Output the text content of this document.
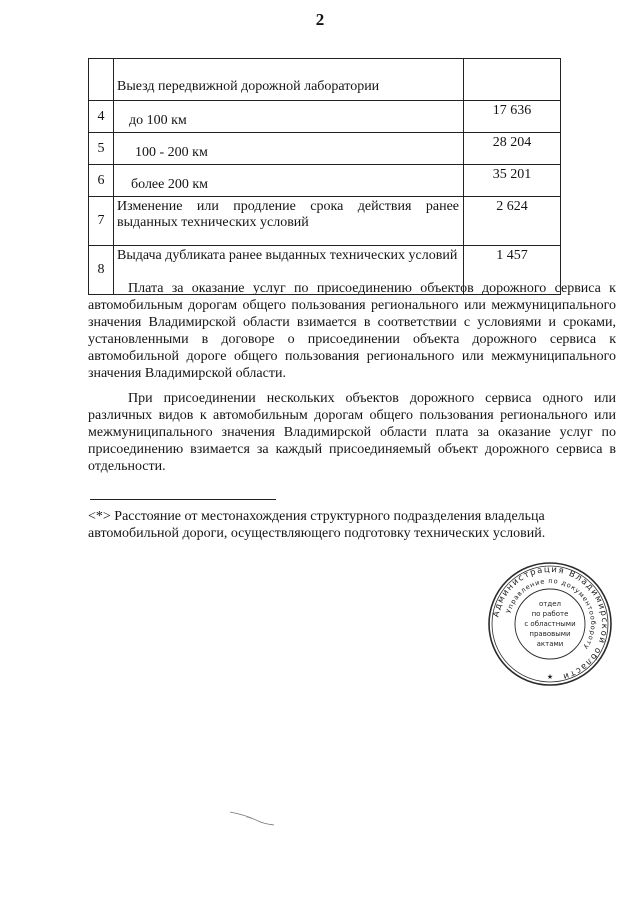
2
	Выезд передвижной дорожной лаборатории	
4	до 100 км	17 636
5	100 - 200 км	28 204
6	более 200 км	35 201
7	Изменение или продление срока действия ранее выданных технических условий	2 624
8	Выдача дубликата ранее выданных технических условий	1 457

Плата за оказание услуг по присоединению объектов дорожного сервиса к автомобильным дорогам общего пользования регионального или межмуниципального значения Владимирской области взимается в соответствии с условиями и сроками, установленными в договоре о присоединении объекта дорожного сервиса к автомобильной дороге общего пользования регионального или межмуниципального значения Владимирской области.

При присоединении нескольких объектов дорожного сервиса одного или различных видов к автомобильным дорогам общего пользования регионального или межмуниципального значения Владимирской области плата за оказание услуг по присоединению взимается за каждый присоединяемый объект дорожного сервиса в отдельности.

<*> Расстояние от местонахождения структурного подразделения владельца автомобильной дороги, осуществляющего подготовку технических условий.

Администрация Владимирской области
Управление по документообороту
отдел
по работе
с областными
правовыми
актами
★
